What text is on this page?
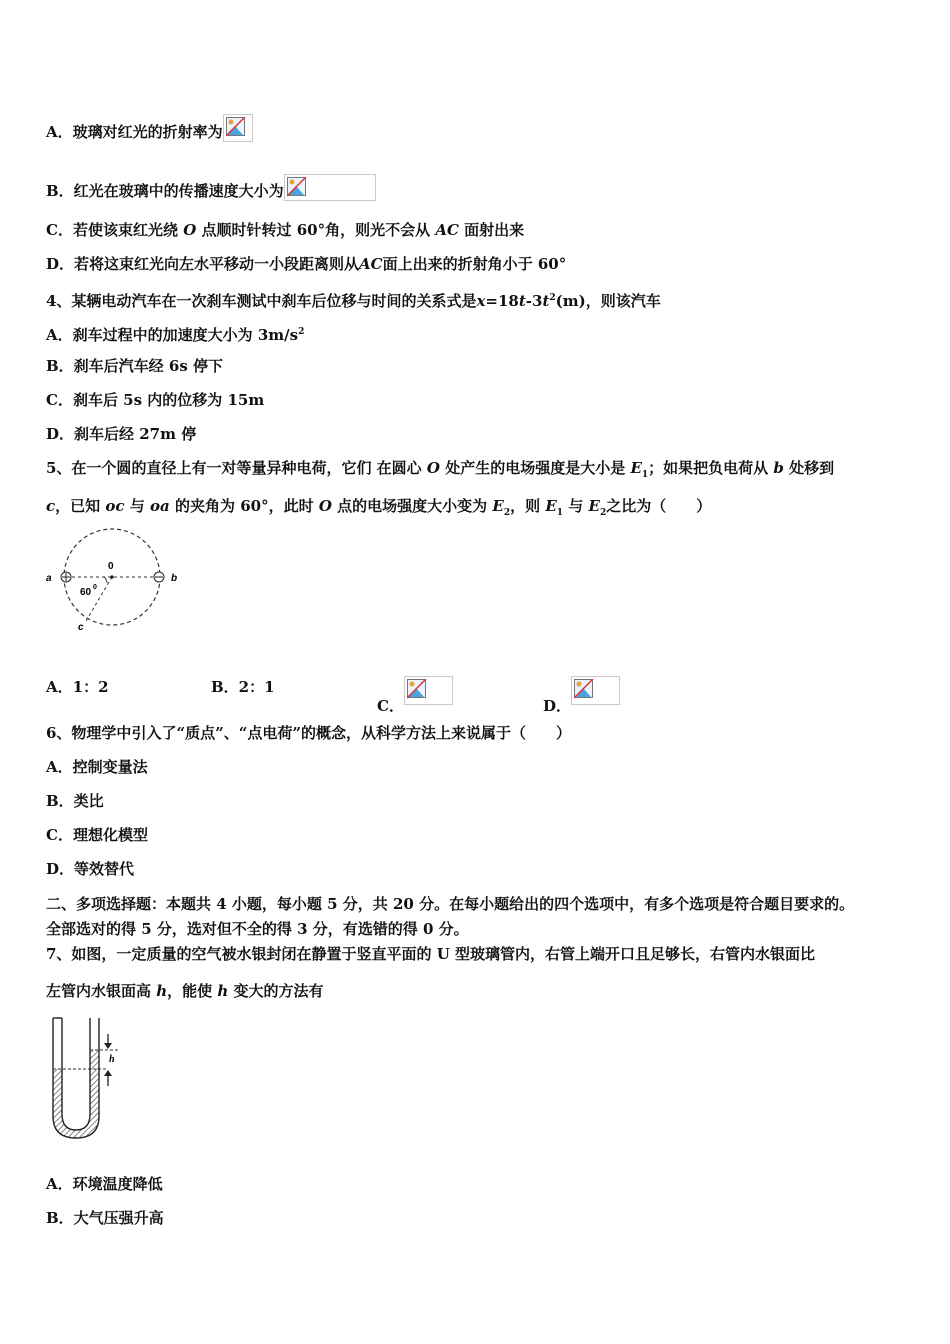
A．玻璃对红光的折射率为
B．红光在玻璃中的传播速度大小为
C．若使该束红光绕 O 点顺时针转过 60°角，则光不会从 AC 面射出来
D．若将这束红光向左水平移动一小段距离则从AC面上出来的折射角小于 60°
4、某辆电动汽车在一次刹车测试中刹车后位移与时间的关系式是$x=18t-3t^2(m)$，则该汽车
A．刹车过程中的加速度大小为 $3m/s^2$
B．刹车后汽车经 6s 停下
C．刹车后 5s 内的位移为 15m
D．刹车后经 27m 停
5、在一个圆的直径上有一对等量异种电荷，它们 在圆心 O 处产生的电场强度是大小是 $E_1$；如果把负电荷从 b 处移到
c，已知 oc 与 oa 的夹角为 60°，此时 O 点的电场强度大小变为 $E_2$，则 $E_1$ 与 $E_2$之比为（　　）
0
a	b
c
60 0
A．1：2	B．2：1
C．	D．
6、物理学中引入了“质点”、“点电荷”的概念，从科学方法上来说属于（　　）
A．控制变量法
B．类比
C．理想化模型
D．等效替代
二、多项选择题：本题共 4 小题，每小题 5 分，共 20 分。在每小题给出的四个选项中，有多个选项是符合题目要求的。
全部选对的得 5 分，选对但不全的得 3 分，有选错的得 0 分。
7、如图，一定质量的空气被水银封闭在静置于竖直平面的 U 型玻璃管内，右管上端开口且足够长，右管内水银面比
左管内水银面高 h，能使 h 变大的方法有
h
A．环境温度降低
B．大气压强升高
